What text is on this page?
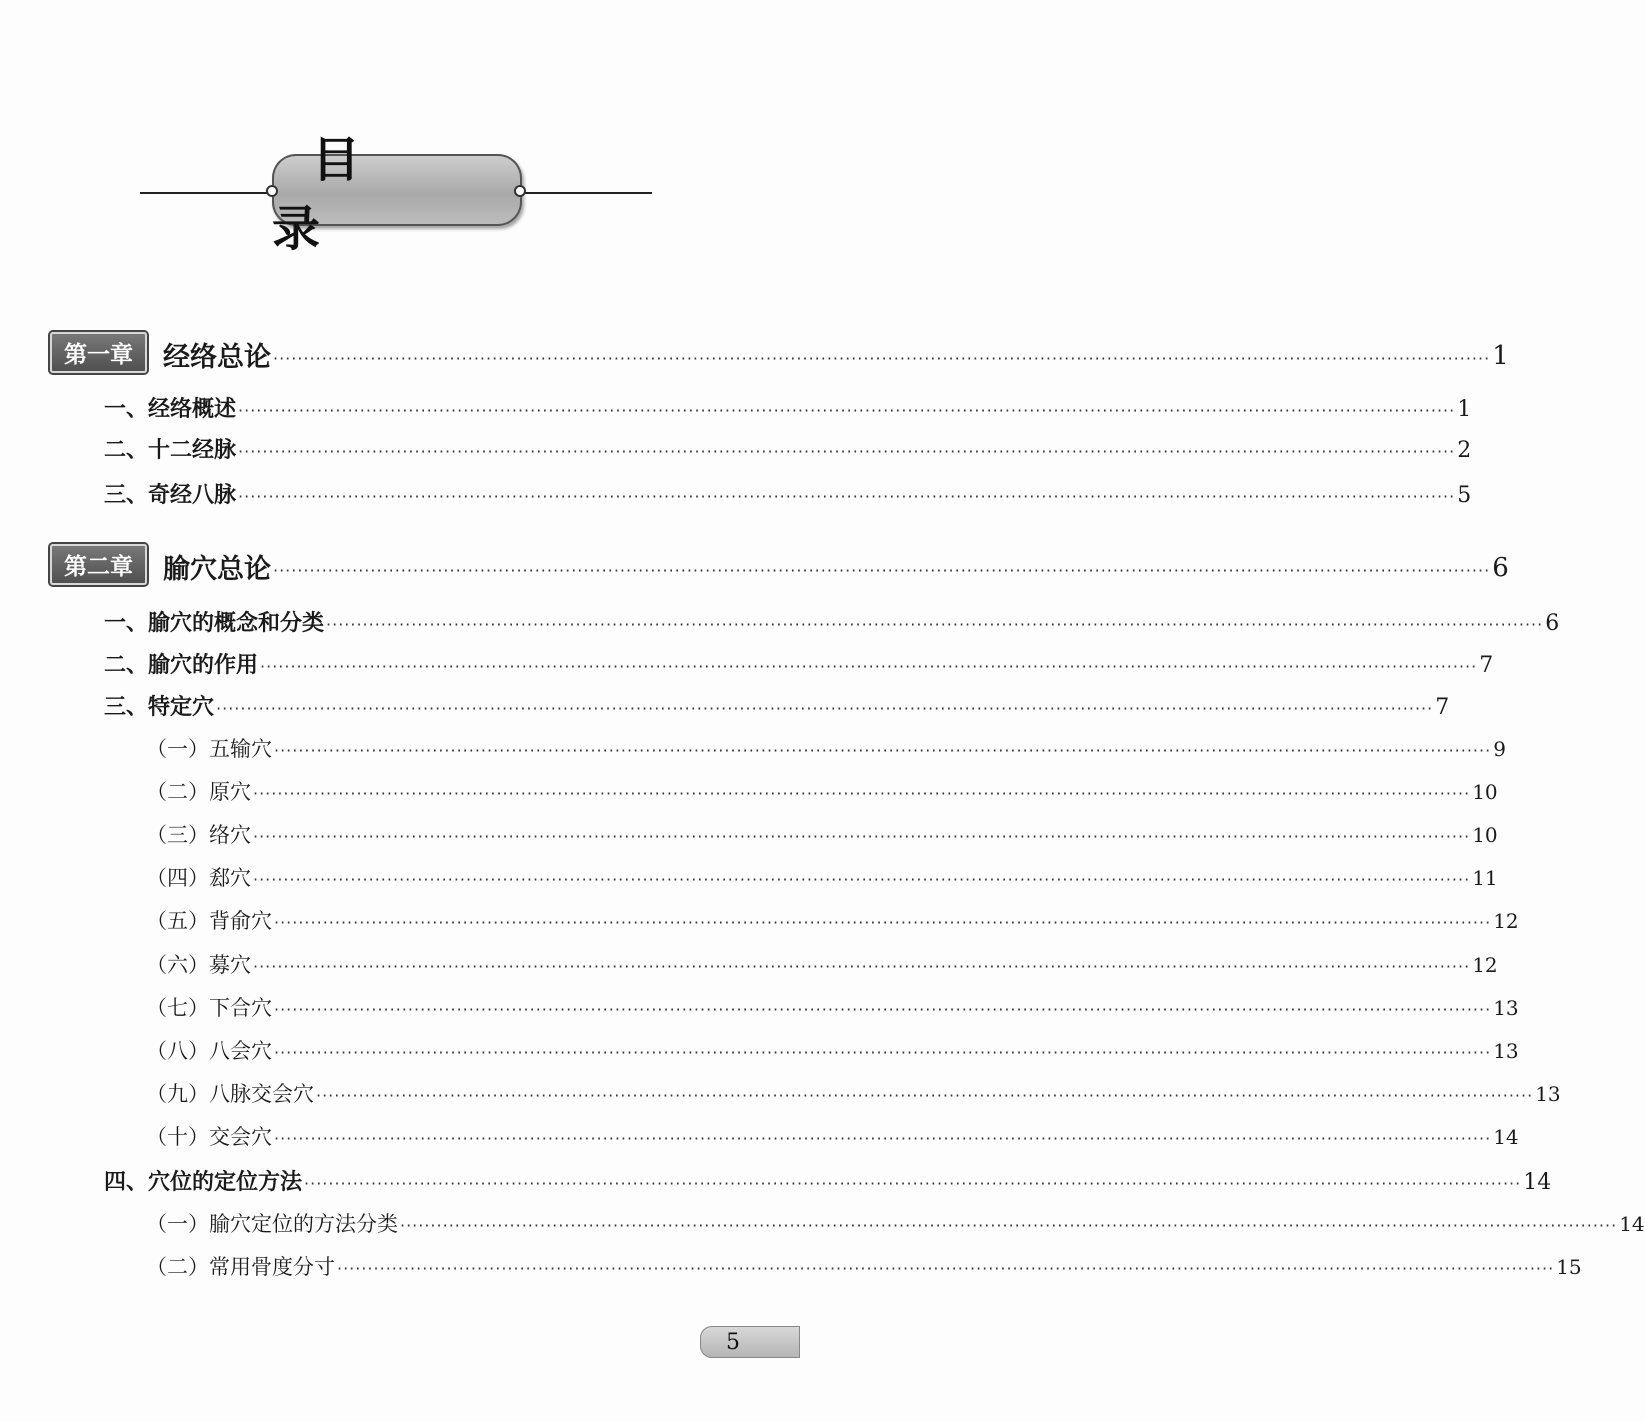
目 录
第一章	经络总论 ········································································································································································································ 1
一、经络概述 ········································································································································································································ 1
二、十二经脉 ········································································································································································································ 2
三、奇经八脉 ········································································································································································································ 5
第二章	腧穴总论 ········································································································································································································ 6
一、腧穴的概念和分类 ········································································································································································································ 6
二、腧穴的作用 ········································································································································································································ 7
三、特定穴 ········································································································································································································ 7
（一）五输穴 ········································································································································································································ 9
（二）原穴 ········································································································································································································ 10
（三）络穴 ········································································································································································································ 10
（四）郄穴 ········································································································································································································ 11
（五）背俞穴 ········································································································································································································ 12
（六）募穴 ········································································································································································································ 12
（七）下合穴 ········································································································································································································ 13
（八）八会穴 ········································································································································································································ 13
（九）八脉交会穴 ········································································································································································································ 13
（十）交会穴 ········································································································································································································ 14
四、穴位的定位方法 ········································································································································································································ 14
（一）腧穴定位的方法分类 ········································································································································································································ 14
（二）常用骨度分寸 ········································································································································································································ 15
5
